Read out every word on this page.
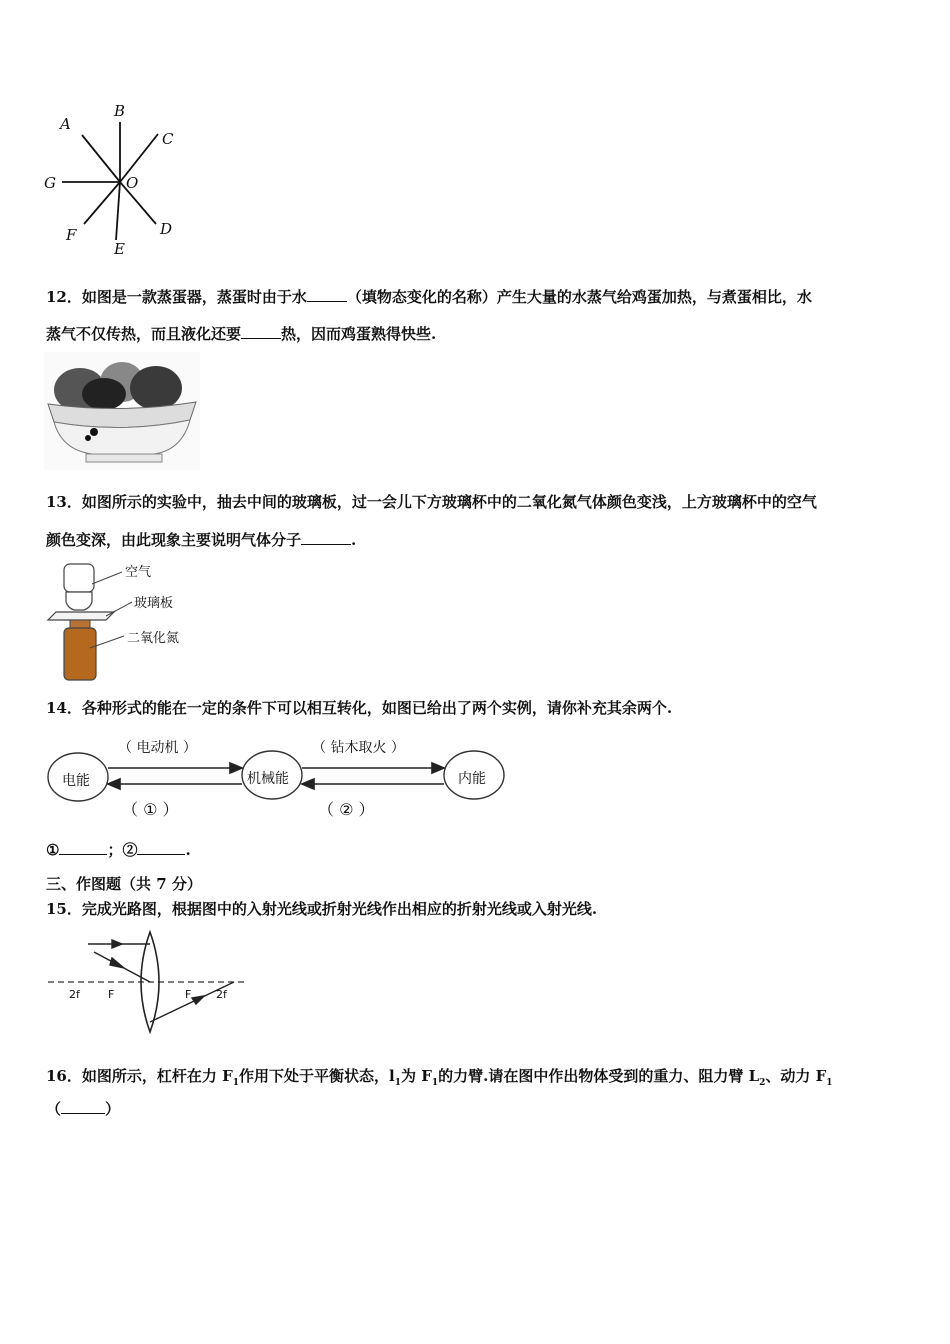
A
B
C
G	O
F
E
D
12．如图是一款蒸蛋器，蒸蛋时由于水	（填物态变化的名称）产生大量的水蒸气给鸡蛋加热，与煮蛋相比，水
蒸气不仅传热，而且液化还要	热，因而鸡蛋熟得快些.
13．如图所示的实验中，抽去中间的玻璃板，过一会儿下方玻璃杯中的二氧化氮气体颜色变浅，上方玻璃杯中的空气
颜色变深，由此现象主要说明气体分子	.
空气
玻璃板
二氧化氮
14．各种形式的能在一定的条件下可以相互转化，如图已给出了两个实例，请你补充其余两个.
电能	机械能	内能
（ 电动机 ）	（ 钻木取火 ）
（ ① ）	（ ② ）
①	；②	.
三、作图题（共 7 分）
15．完成光路图，根据图中的入射光线或折射光线作出相应的折射光线或入射光线.
2f	F	F 2f
16．如图所示，杠杆在力 $F_1$作用下处于平衡状态，$l_1$为 $F_1$的力臂.请在图中作出物体受到的重力、阻力臂 $L_2$、动力 $F_1$
（	）
